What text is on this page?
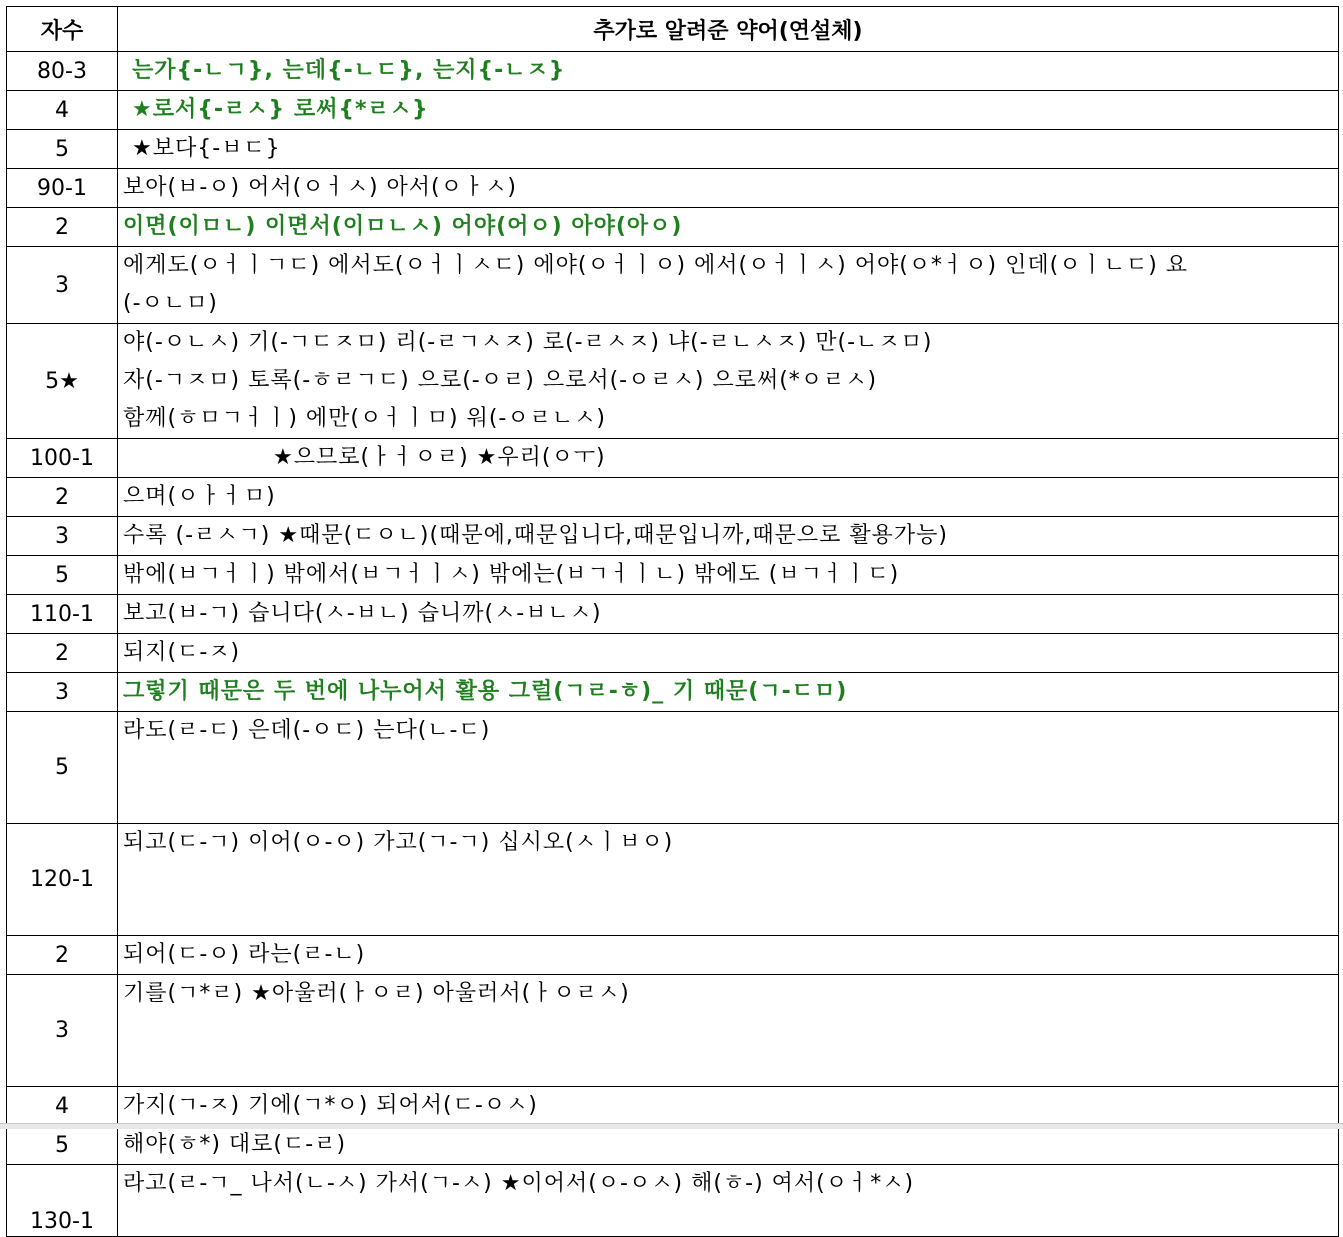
자수	추가로 알려준 약어(연설체)
80-3	는가{-ㄴㄱ}, 는데{-ㄴㄷ}, 는지{-ㄴㅈ}
4	★로서{-ㄹㅅ} 로써{*ㄹㅅ}
5	★보다{-ㅂㄷ}
90-1	보아(ㅂ-ㅇ) 어서(ㅇㅓㅅ) 아서(ㅇㅏㅅ)
2	이면(이ㅁㄴ) 이면서(이ㅁㄴㅅ) 어야(어ㅇ) 아야(아ㅇ)
3	에게도(ㅇㅓㅣㄱㄷ) 에서도(ㅇㅓㅣㅅㄷ) 에야(ㅇㅓㅣㅇ) 에서(ㅇㅓㅣㅅ) 어야(ㅇ*ㅓㅇ) 인데(ㅇㅣㄴㄷ) 요
(-ㅇㄴㅁ)

5★	야(-ㅇㄴㅅ) 기(-ㄱㄷㅈㅁ) 리(-ㄹㄱㅅㅈ) 로(-ㄹㅅㅈ) 냐(-ㄹㄴㅅㅈ) 만(-ㄴㅈㅁ)
자(-ㄱㅈㅁ) 토록(-ㅎㄹㄱㄷ) 으로(-ㅇㄹ) 으로서(-ㅇㄹㅅ) 으로써(*ㅇㄹㅅ)
함께(ㅎㅁㄱㅓㅣ) 에만(ㅇㅓㅣㅁ) 워(-ㅇㄹㄴㅅ)

100-1	★으므로(ㅏㅓㅇㄹ) ★우리(ㅇㅜ)
2	으며(ㅇㅏㅓㅁ)
3	수록 (-ㄹㅅㄱ) ★때문(ㄷㅇㄴ)(때문에,때문입니다,때문입니까,때문으로 활용가능)
5	밖에(ㅂㄱㅓㅣ) 밖에서(ㅂㄱㅓㅣㅅ) 밖에는(ㅂㄱㅓㅣㄴ) 밖에도 (ㅂㄱㅓㅣㄷ)
110-1	보고(ㅂ-ㄱ) 습니다(ㅅ-ㅂㄴ) 습니까(ㅅ-ㅂㄴㅅ)
2	되지(ㄷ-ㅈ)
3	그렇기 때문은 두 번에 나누어서 활용 그럴(ㄱㄹ-ㅎ)_ 기 때문(ㄱ-ㄷㅁ)
5	라도(ㄹ-ㄷ) 은데(-ㅇㄷ) 는다(ㄴ-ㄷ)
120-1	되고(ㄷ-ㄱ) 이어(ㅇ-ㅇ) 가고(ㄱ-ㄱ) 십시오(ㅅㅣㅂㅇ)
2	되어(ㄷ-ㅇ) 라는(ㄹ-ㄴ)
3	기를(ㄱ*ㄹ) ★아울러(ㅏㅇㄹ) 아울러서(ㅏㅇㄹㅅ)
4	가지(ㄱ-ㅈ) 기에(ㄱ*ㅇ) 되어서(ㄷ-ㅇㅅ)
5	해야(ㅎ*) 대로(ㄷ-ㄹ)
130-1	라고(ㄹ-ㄱ_ 나서(ㄴ-ㅅ) 가서(ㄱ-ㅅ) ★이어서(ㅇ-ㅇㅅ) 해(ㅎ-) 여서(ㅇㅓ*ㅅ)
